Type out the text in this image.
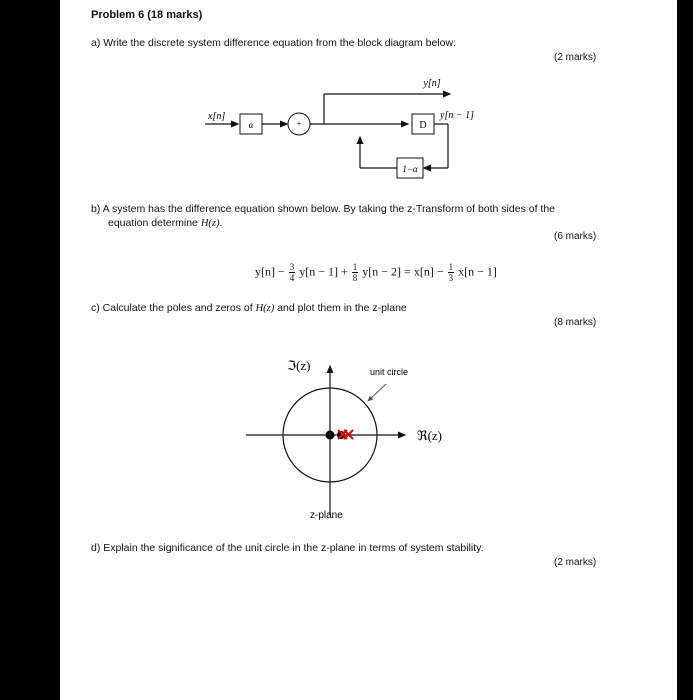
Problem 6 (18 marks)
a) Write the discrete system difference equation from the block diagram below:
(2 marks)
x[n]
α	+
y[n]
D
y[n − 1]
1−α
b) A system has the difference equation shown below. By taking the z-Transform of both sides of the
equation determine H(z).
(6 marks)
$y[n] - \frac{3}{4} y[n - 1] + \frac{1}{8} y[n - 2] = x[n] - \frac{1}{3} x[n - 1]$
c) Calculate the poles and zeros of H(z) and plot them in the z-plane
(8 marks)
unit circle
ℑ(z)
ℜ(z)
z-plane
d) Explain the significance of the unit circle in the z-plane in terms of system stability.
(2 marks)
